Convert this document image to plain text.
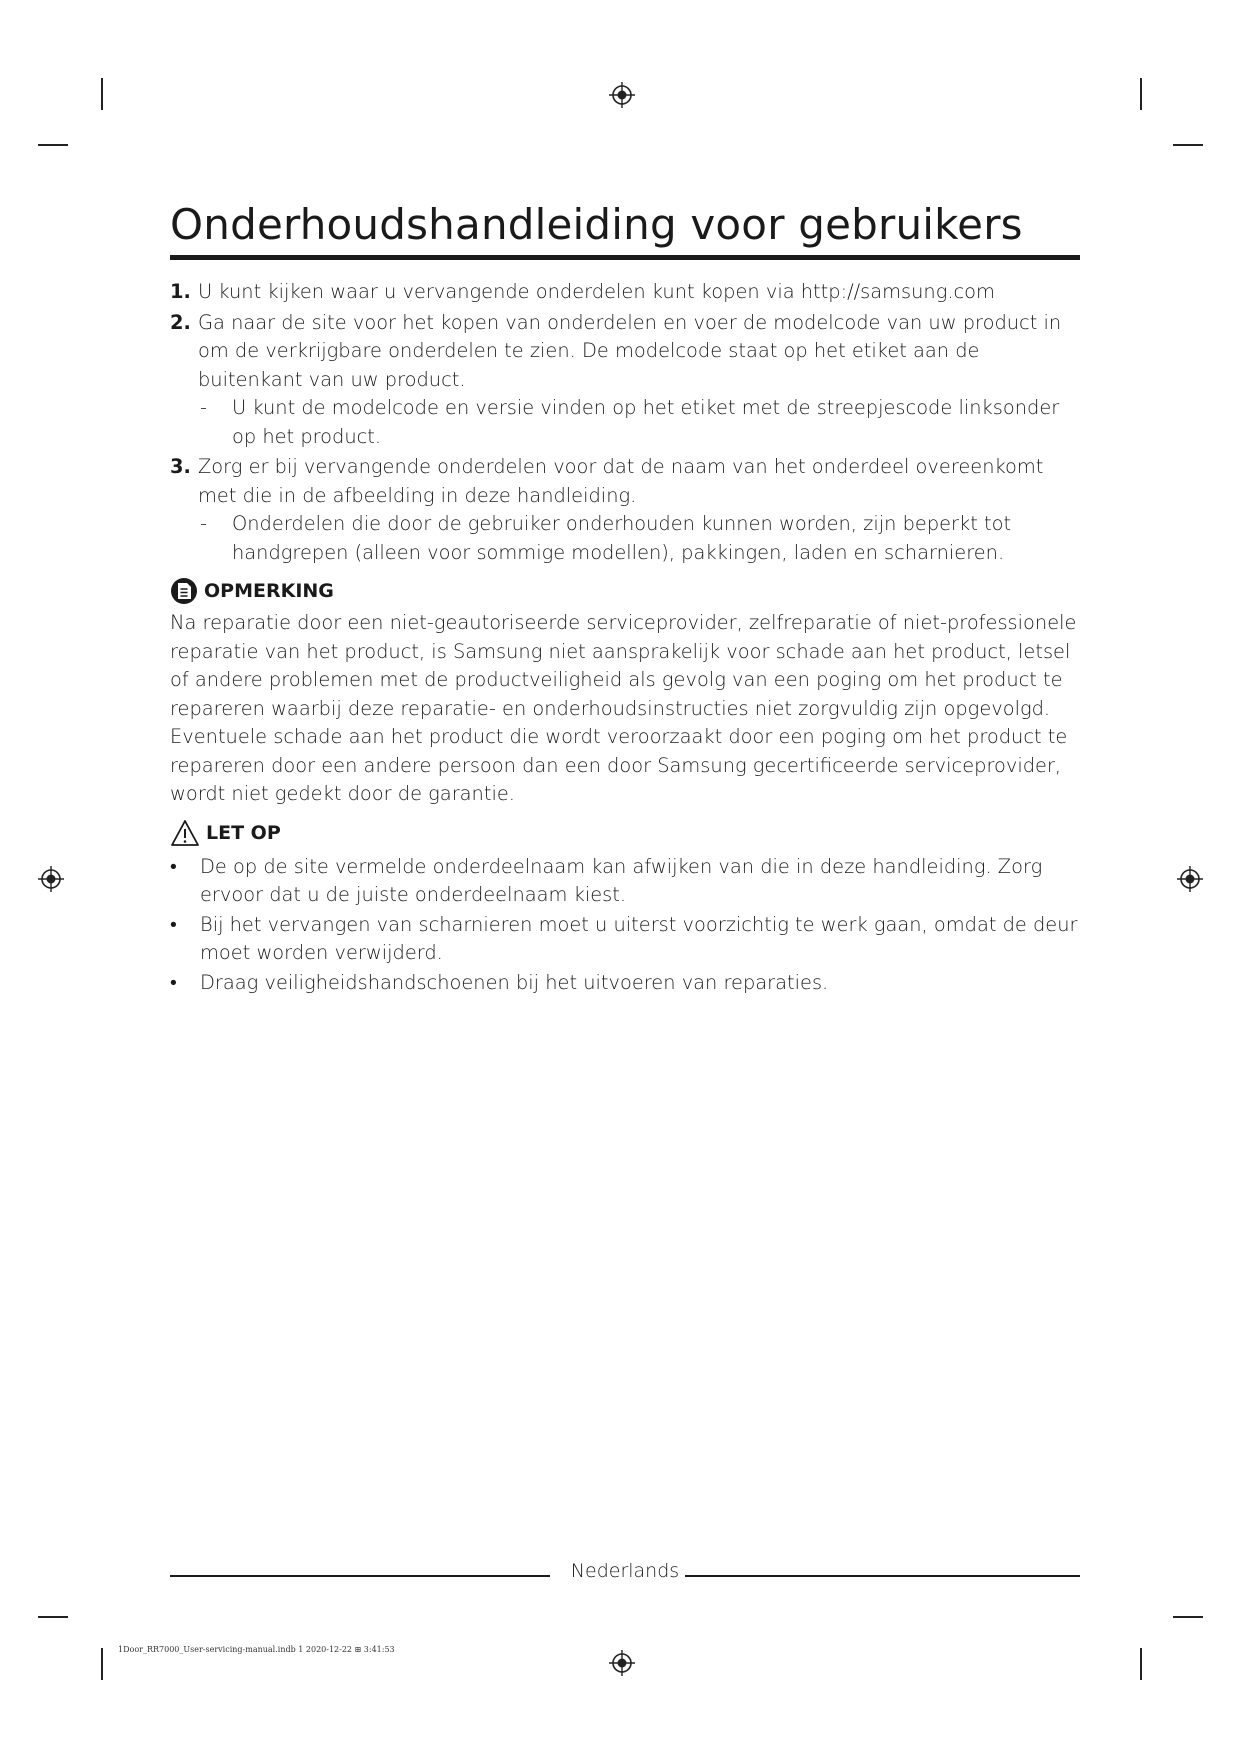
Onderhoudshandleiding voor gebruikers
1. U kunt kijken waar u vervangende onderdelen kunt kopen via http://samsung.com
2. Ga naar de site voor het kopen van onderdelen en voer de modelcode van uw product in om de verkrijgbare onderdelen te zien. De modelcode staat op het etiket aan de buitenkant van uw product.
- U kunt de modelcode en versie vinden op het etiket met de streepjescode linksonder op het product.
3. Zorg er bij vervangende onderdelen voor dat de naam van het onderdeel overeenkomt met die in de afbeelding in deze handleiding.
- Onderdelen die door de gebruiker onderhouden kunnen worden, zijn beperkt tot handgrepen (alleen voor sommige modellen), pakkingen, laden en scharnieren.
OPMERKING
Na reparatie door een niet-geautoriseerde serviceprovider, zelfreparatie of niet-professionele reparatie van het product, is Samsung niet aansprakelijk voor schade aan het product, letsel of andere problemen met de productveiligheid als gevolg van een poging om het product te repareren waarbij deze reparatie- en onderhoudsinstructies niet zorgvuldig zijn opgevolgd. Eventuele schade aan het product die wordt veroorzaakt door een poging om het product te repareren door een andere persoon dan een door Samsung gecertificeerde serviceprovider, wordt niet gedekt door de garantie.
LET OP
• De op de site vermelde onderdeelnaam kan afwijken van die in deze handleiding. Zorg ervoor dat u de juiste onderdeelnaam kiest.
• Bij het vervangen van scharnieren moet u uiterst voorzichtig te werk gaan, omdat de deur moet worden verwijderd.
• Draag veiligheidshandschoenen bij het uitvoeren van reparaties.
Nederlands
1Door_RR7000_User-servicing-manual.indb 1 2020-12-22 ⊞ 3:41:53
